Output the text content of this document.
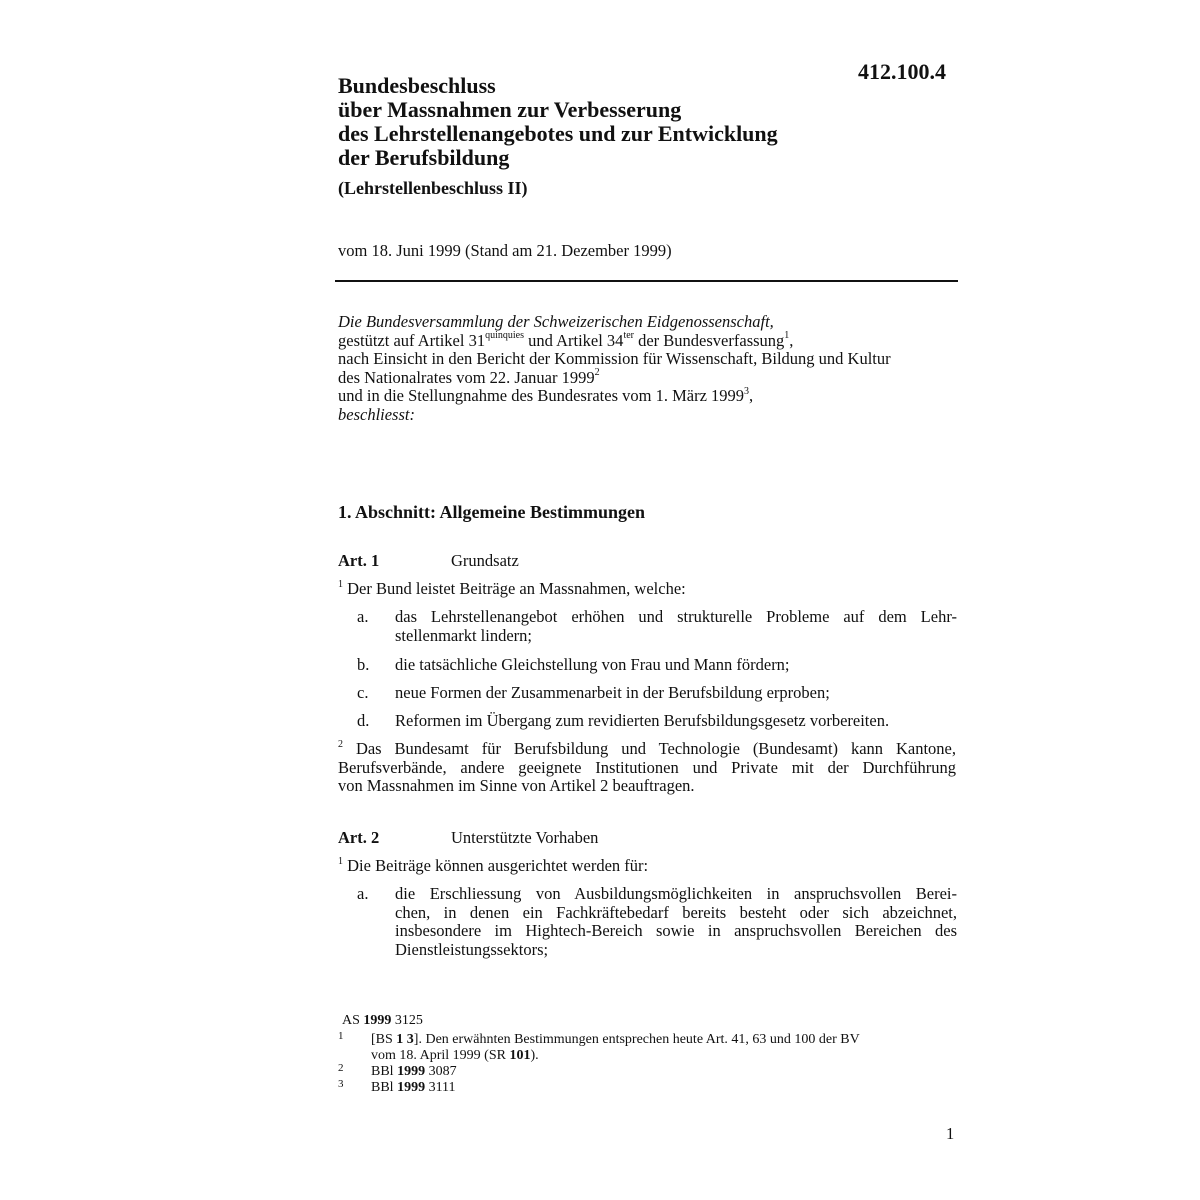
412.100.4
Bundesbeschluss
über Massnahmen zur Verbesserung
des Lehrstellenangebotes und zur Entwicklung
der Berufsbildung
(Lehrstellenbeschluss II)
vom 18. Juni 1999 (Stand am 21. Dezember 1999)
Die Bundesversammlung der Schweizerischen Eidgenossenschaft,
gestützt auf Artikel $31^{quinquies}$ und Artikel $34^{ter}$ der Bundesverfassung$^1$,
nach Einsicht in den Bericht der Kommission für Wissenschaft, Bildung und Kultur
des Nationalrates vom 22. Januar 1999$^2$
und in die Stellungnahme des Bundesrates vom 1. März 1999$^3$,
beschliesst:
1. Abschnitt: Allgemeine Bestimmungen
Art. 1	Grundsatz
$^1$ Der Bund leistet Beiträge an Massnahmen, welche:
a.	das Lehrstellenangebot erhöhen und strukturelle Probleme auf dem Lehr-
stellenmarkt lindern;
b.	die tatsächliche Gleichstellung von Frau und Mann fördern;
c.	neue Formen der Zusammenarbeit in der Berufsbildung erproben;
d.	Reformen im Übergang zum revidierten Berufsbildungsgesetz vorbereiten.
$^2$ Das Bundesamt für Berufsbildung und Technologie (Bundesamt) kann Kantone,
Berufsverbände, andere geeignete Institutionen und Private mit der Durchführung
von Massnahmen im Sinne von Artikel 2 beauftragen.
Art. 2	Unterstützte Vorhaben
$^1$ Die Beiträge können ausgerichtet werden für:
a.	die Erschliessung von Ausbildungsmöglichkeiten in anspruchsvollen Berei-
chen, in denen ein Fachkräftebedarf bereits besteht oder sich abzeichnet,
insbesondere im Hightech-Bereich sowie in anspruchsvollen Bereichen des
Dienstleistungssektors;
AS 1999 3125
1 [BS 1 3]. Den erwähnten Bestimmungen entsprechen heute Art. 41, 63 und 100 der BV
vom 18. April 1999 (SR 101).
2 BBl 1999 3087
3 BBl 1999 3111
1
